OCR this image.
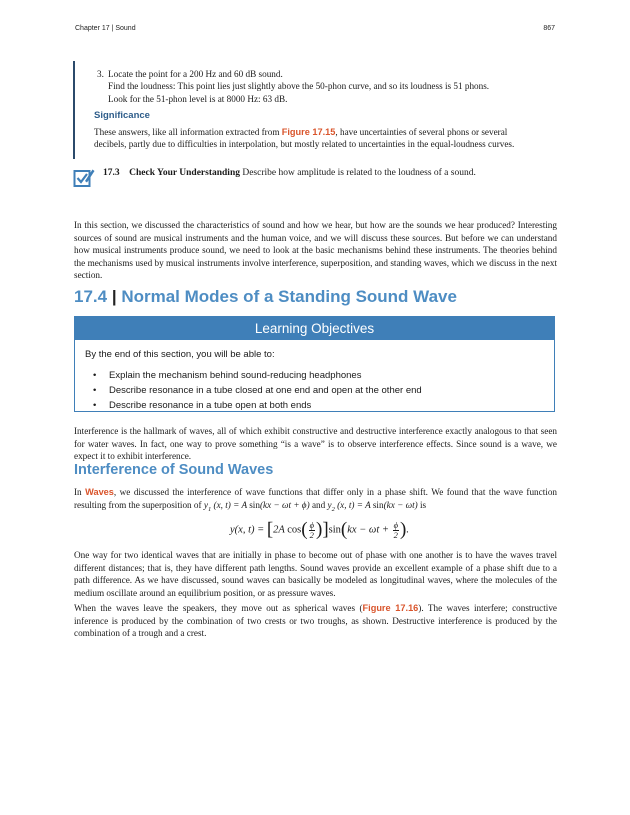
Chapter 17 | Sound	867
3. Locate the point for a 200 Hz and 60 dB sound.
Find the loudness: This point lies just slightly above the 50-phon curve, and so its loudness is 51 phons.
Look for the 51-phon level is at 8000 Hz: 63 dB.
Significance
These answers, like all information extracted from Figure 17.15, have uncertainties of several phons or several decibels, partly due to difficulties in interpolation, but mostly related to uncertainties in the equal-loudness curves.
17.3 Check Your Understanding Describe how amplitude is related to the loudness of a sound.
In this section, we discussed the characteristics of sound and how we hear, but how are the sounds we hear produced? Interesting sources of sound are musical instruments and the human voice, and we will discuss these sources. But before we can understand how musical instruments produce sound, we need to look at the basic mechanisms behind these instruments. The theories behind the mechanisms used by musical instruments involve interference, superposition, and standing waves, which we discuss in the next section.
17.4 | Normal Modes of a Standing Sound Wave
Learning Objectives
By the end of this section, you will be able to:
• Explain the mechanism behind sound-reducing headphones
• Describe resonance in a tube closed at one end and open at the other end
• Describe resonance in a tube open at both ends
Interference is the hallmark of waves, all of which exhibit constructive and destructive interference exactly analogous to that seen for water waves. In fact, one way to prove something “is a wave” is to observe interference effects. Since sound is a wave, we expect it to exhibit interference.
Interference of Sound Waves
In Waves, we discussed the interference of wave functions that differ only in a phase shift. We found that the wave function resulting from the superposition of $y_1$ (x, t) = A sin(kx − ωt + ϕ) and $y_2$ (x, t) = A sin(kx − ωt) is
y(x, t) = [2A $\cos( \frac{\phi}{2} )]\sin(kx - \omega t + \frac{\phi}{2}$ ).
One way for two identical waves that are initially in phase to become out of phase with one another is to have the waves travel different distances; that is, they have different path lengths. Sound waves provide an excellent example of a phase shift due to a path difference. As we have discussed, sound waves can basically be modeled as longitudinal waves, where the molecules of the medium oscillate around an equilibrium position, or as pressure waves.
When the waves leave the speakers, they move out as spherical waves (Figure 17.16). The waves interfere; constructive inference is produced by the combination of two crests or two troughs, as shown. Destructive interference is produced by the combination of a trough and a crest.
